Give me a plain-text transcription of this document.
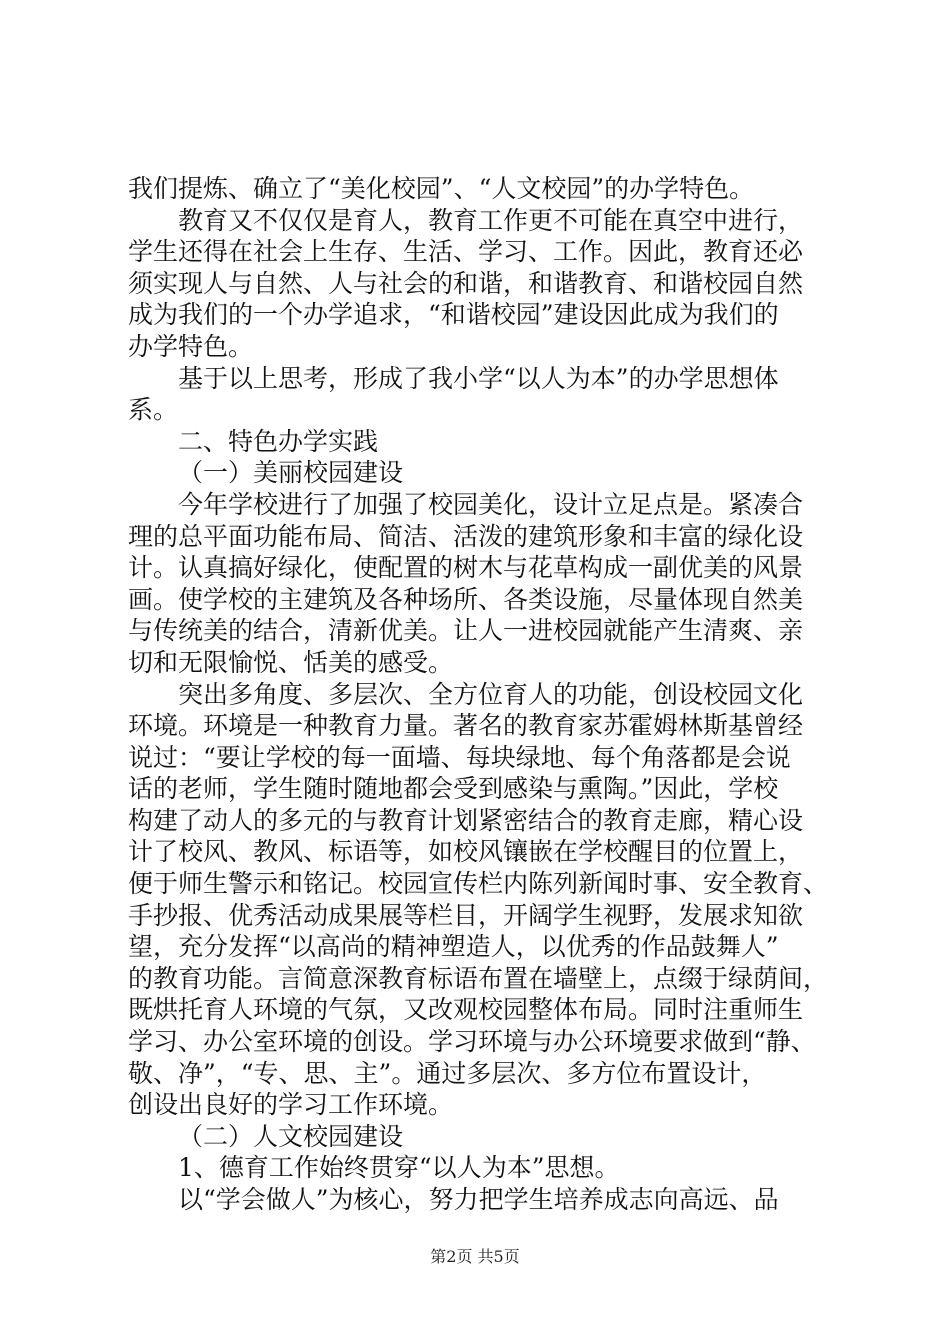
我们提炼、确立了“美化校园”、“人文校园”的办学特色。
教育又不仅仅是育人，教育工作更不可能在真空中进行，
学生还得在社会上生存、生活、学习、工作。因此，教育还必
须实现人与自然、人与社会的和谐，和谐教育、和谐校园自然
成为我们的一个办学追求，“和谐校园”建设因此成为我们的
办学特色。
基于以上思考，形成了我小学“以人为本”的办学思想体
系。
二、特色办学实践
（一）美丽校园建设
今年学校进行了加强了校园美化，设计立足点是。紧凑合
理的总平面功能布局、简洁、活泼的建筑形象和丰富的绿化设
计。认真搞好绿化，使配置的树木与花草构成一副优美的风景
画。使学校的主建筑及各种场所、各类设施，尽量体现自然美
与传统美的结合，清新优美。让人一进校园就能产生清爽、亲
切和无限愉悦、恬美的感受。
突出多角度、多层次、全方位育人的功能，创设校园文化
环境。环境是一种教育力量。著名的教育家苏霍姆林斯基曾经
说过：“要让学校的每一面墙、每块绿地、每个角落都是会说
话的老师，学生随时随地都会受到感染与熏陶。”因此，学校
构建了动人的多元的与教育计划紧密结合的教育走廊，精心设
计了校风、教风、标语等，如校风镶嵌在学校醒目的位置上，
便于师生警示和铭记。校园宣传栏内陈列新闻时事、安全教育、
手抄报、优秀活动成果展等栏目，开阔学生视野，发展求知欲
望，充分发挥“以高尚的精神塑造人，以优秀的作品鼓舞人”
的教育功能。言简意深教育标语布置在墙壁上，点缀于绿荫间，
既烘托育人环境的气氛，又改观校园整体布局。同时注重师生
学习、办公室环境的创设。学习环境与办公环境要求做到“静、
敬、净”，“专、思、主”。通过多层次、多方位布置设计，
创设出良好的学习工作环境。
（二）人文校园建设
1、德育工作始终贯穿“以人为本”思想。
以“学会做人”为核心，努力把学生培养成志向高远、品
第2页 共5页
